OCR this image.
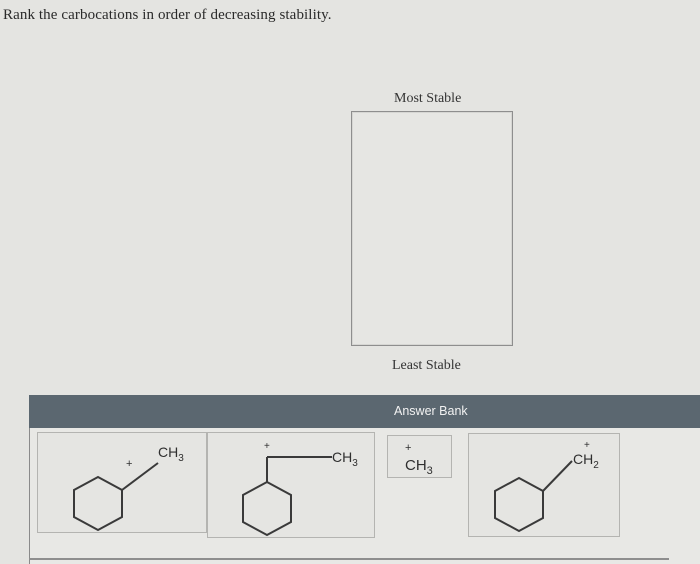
Rank the carbocations in order of decreasing stability.
Most Stable
Least Stable
Answer Bank
+
$CH_3$
+
$CH_3$
+
$CH_3$
+
$CH_2$
